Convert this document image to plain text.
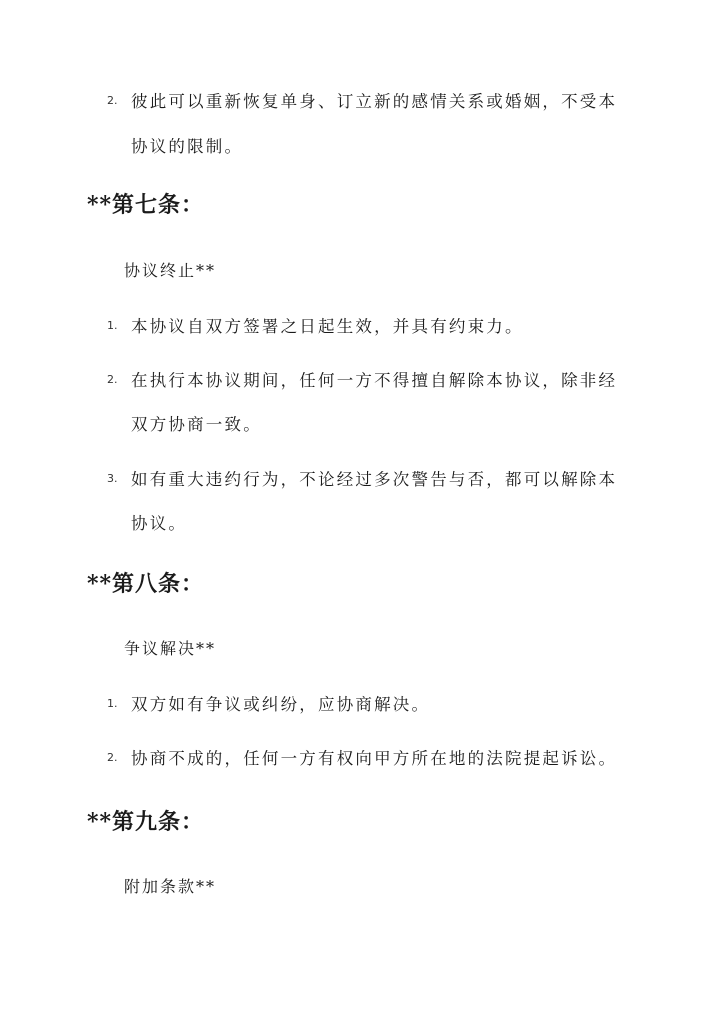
2. 彼此可以重新恢复单身、订立新的感情关系或婚姻，不受本
协议的限制。
**第七条：
协议终止**
1. 本协议自双方签署之日起生效，并具有约束力。
2. 在执行本协议期间，任何一方不得擅自解除本协议，除非经
双方协商一致。
3. 如有重大违约行为，不论经过多次警告与否，都可以解除本
协议。
**第八条：
争议解决**
1. 双方如有争议或纠纷，应协商解决。
2. 协商不成的，任何一方有权向甲方所在地的法院提起诉讼。
**第九条：
附加条款**
